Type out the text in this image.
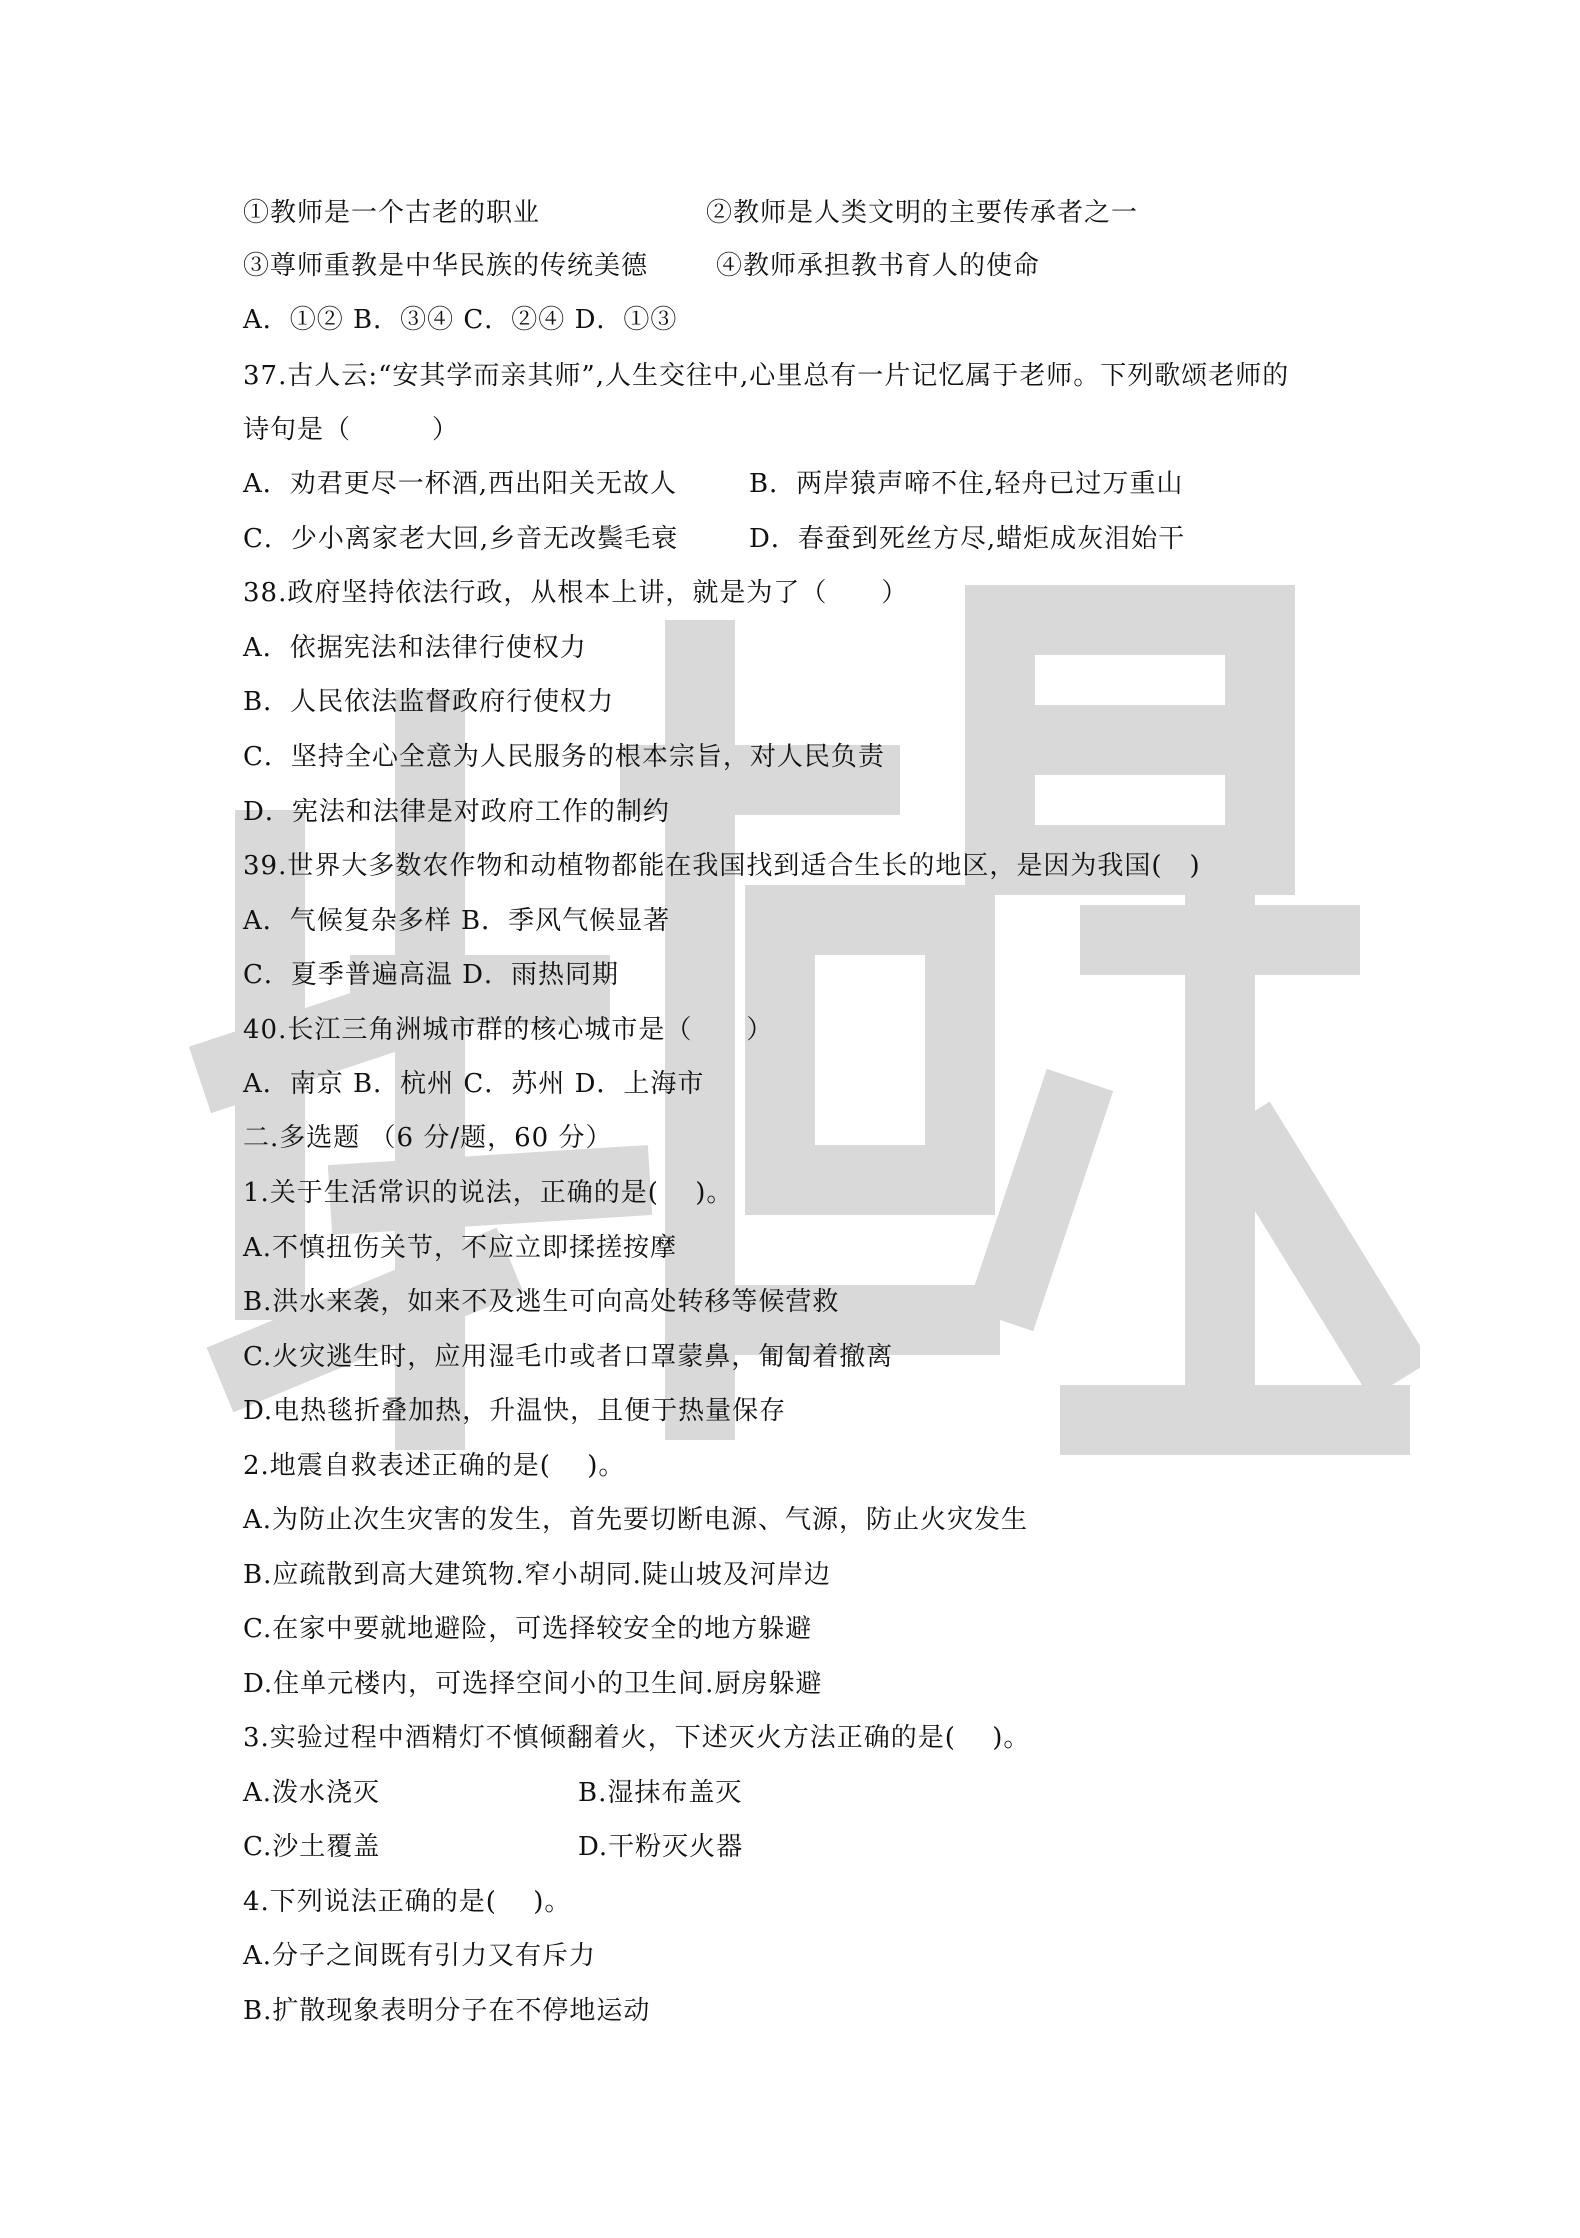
①教师是一个古老的职业	②教师是人类文明的主要传承者之一
③尊师重教是中华民族的传统美德	④教师承担教书育人的使命
A．①② B．③④ C．②④ D．①③
37.古人云:“安其学而亲其师”,人生交往中,心里总有一片记忆属于老师。下列歌颂老师的
诗句是（　　　）
A．劝君更尽一杯酒,西出阳关无故人	B．两岸猿声啼不住,轻舟已过万重山
C．少小离家老大回,乡音无改鬓毛衰	D．春蚕到死丝方尽,蜡炬成灰泪始干
38.政府坚持依法行政，从根本上讲，就是为了（　　）
A．依据宪法和法律行使权力
B．人民依法监督政府行使权力
C．坚持全心全意为人民服务的根本宗旨，对人民负责
D．宪法和法律是对政府工作的制约
39.世界大多数农作物和动植物都能在我国找到适合生长的地区，是因为我国(　)
A．气候复杂多样 B．季风气候显著
C．夏季普遍高温 D．雨热同期
40.长江三角洲城市群的核心城市是（　　）
A．南京 B．杭州 C．苏州 D．上海市
二.多选题 （6 分/题，60 分）
1.关于生活常识的说法，正确的是(　 )。
A.不慎扭伤关节，不应立即揉搓按摩
B.洪水来袭，如来不及逃生可向高处转移等候营救
C.火灾逃生时，应用湿毛巾或者口罩蒙鼻，匍匐着撤离
D.电热毯折叠加热，升温快，且便于热量保存
2.地震自救表述正确的是(　 )。
A.为防止次生灾害的发生，首先要切断电源、气源，防止火灾发生
B.应疏散到高大建筑物.窄小胡同.陡山坡及河岸边
C.在家中要就地避险，可选择较安全的地方躲避
D.住单元楼内，可选择空间小的卫生间.厨房躲避
3.实验过程中酒精灯不慎倾翻着火，下述灭火方法正确的是(　 )。
A.泼水浇灭	B.湿抹布盖灭
C.沙土覆盖	D.干粉灭火器
4.下列说法正确的是(　 )。
A.分子之间既有引力又有斥力
B.扩散现象表明分子在不停地运动
